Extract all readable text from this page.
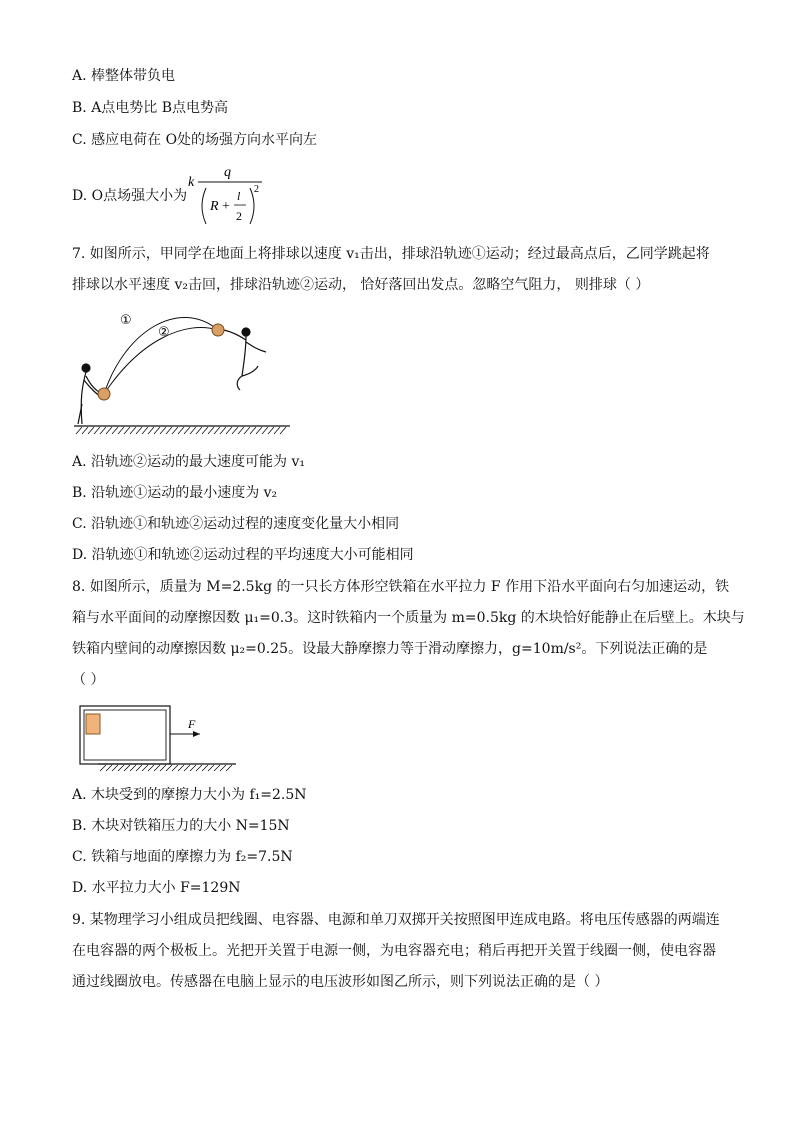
A. 棒整体带负电
B. A点电势比 B点电势高
C. 感应电荷在 O处的场强方向水平向左
D. O点场强大小为
k
q
R +
l
2
2
7. 如图所示，甲同学在地面上将排球以速度 v₁击出，排球沿轨迹①运动；经过最高点后，乙同学跳起将
排球以水平速度 v₂击回，排球沿轨迹②运动， 恰好落回出发点。忽略空气阻力， 则排球（ ）
①
②
A. 沿轨迹②运动的最大速度可能为 v₁
B. 沿轨迹①运动的最小速度为 v₂
C. 沿轨迹①和轨迹②运动过程的速度变化量大小相同
D. 沿轨迹①和轨迹②运动过程的平均速度大小可能相同
8. 如图所示，质量为 M=2.5kg 的一只长方体形空铁箱在水平拉力 F 作用下沿水平面向右匀加速运动，铁
箱与水平面间的动摩擦因数 μ₁=0.3。这时铁箱内一个质量为 m=0.5kg 的木块恰好能静止在后壁上。木块与
铁箱内壁间的动摩擦因数 μ₂=0.25。设最大静摩擦力等于滑动摩擦力，g=10m/s²。下列说法正确的是
（ ）
F
A. 木块受到的摩擦力大小为 f₁=2.5N
B. 木块对铁箱压力的大小 N=15N
C. 铁箱与地面的摩擦力为 f₂=7.5N
D. 水平拉力大小 F=129N
9. 某物理学习小组成员把线圈、电容器、电源和单刀双掷开关按照图甲连成电路。将电压传感器的两端连
在电容器的两个极板上。光把开关置于电源一侧，为电容器充电；稍后再把开关置于线圈一侧，使电容器
通过线圈放电。传感器在电脑上显示的电压波形如图乙所示，则下列说法正确的是（ ）
